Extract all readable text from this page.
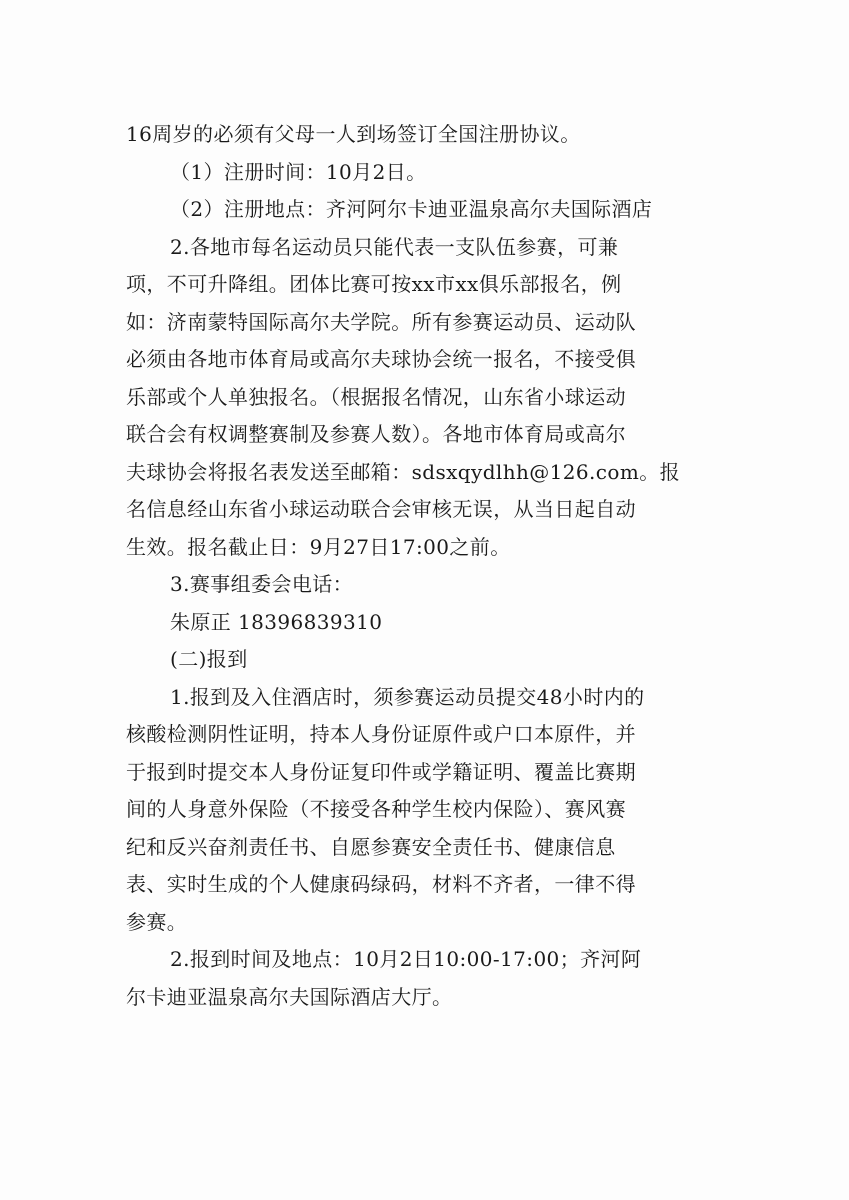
16周岁的必须有父母一人到场签订全国注册协议。
（1）注册时间：10月2日。
（2）注册地点：齐河阿尔卡迪亚温泉高尔夫国际酒店
2.各地市每名运动员只能代表一支队伍参赛，可兼
项，不可升降组。团体比赛可按xx市xx俱乐部报名，例
如：济南蒙特国际高尔夫学院。所有参赛运动员、运动队
必须由各地市体育局或高尔夫球协会统一报名，不接受俱
乐部或个人单独报名。（根据报名情况，山东省小球运动
联合会有权调整赛制及参赛人数）。各地市体育局或高尔
夫球协会将报名表发送至邮箱：sdsxqydlhh@126.com。报
名信息经山东省小球运动联合会审核无误，从当日起自动
生效。报名截止日：9月27日17:00之前。
3.赛事组委会电话：
朱原正 18396839310
(二)报到
1.报到及入住酒店时，须参赛运动员提交48小时内的
核酸检测阴性证明，持本人身份证原件或户口本原件，并
于报到时提交本人身份证复印件或学籍证明、覆盖比赛期
间的人身意外保险（不接受各种学生校内保险）、赛风赛
纪和反兴奋剂责任书、自愿参赛安全责任书、健康信息
表、实时生成的个人健康码绿码，材料不齐者，一律不得
参赛。
2.报到时间及地点：10月2日10:00-17:00；齐河阿
尔卡迪亚温泉高尔夫国际酒店大厅。
